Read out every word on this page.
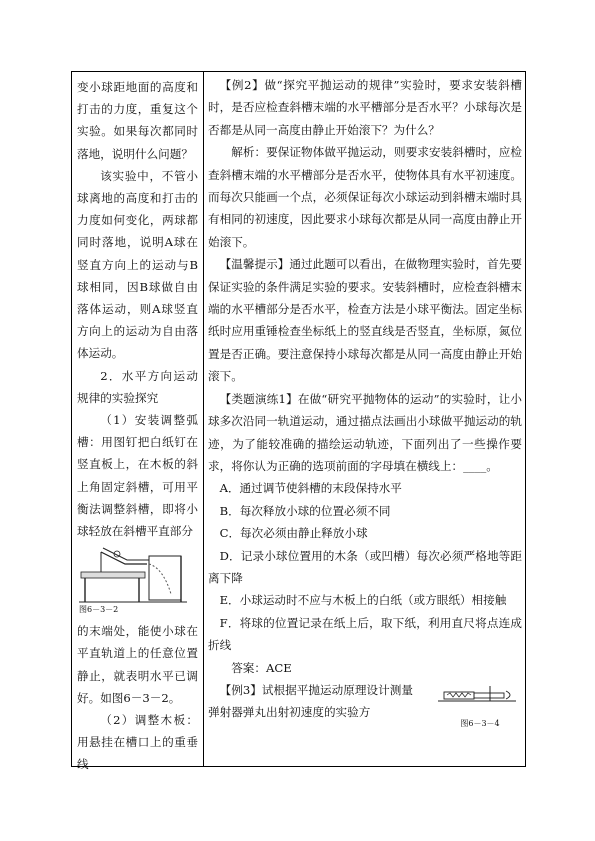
变小球距地面的高度和打击的力度，重复这个实验。如果每次都同时落地，说明什么问题？

该实验中，不管小球离地的高度和打击的力度如何变化，两球都同时落地，说明A球在竖直方向上的运动与B球相同，因B球做自由落体运动，则A球竖直方向上的运动为自由落体运动。

2．水平方向运动规律的实验探究

（1）安装调整弧槽：用图钉把白纸钉在竖直板上，在木板的斜上角固定斜槽，可用平衡法调整斜槽，即将小球轻放在斜槽平直部分

图6－3－2

的末端处，能使小球在平直轨道上的任意位置静止，就表明水平已调好。如图6－3－2。

（2）调整木板：用悬挂在槽口上的重垂线

【例2】做“探究平抛运动的规律”实验时，要求安装斜槽时，是否应检查斜槽末端的水平槽部分是否水平？小球每次是否都是从同一高度由静止开始滚下？为什么？

解析：要保证物体做平抛运动，则要求安装斜槽时，应检查斜槽末端的水平槽部分是否水平，使物体具有水平初速度。而每次只能画一个点，必须保证每次小球运动到斜槽末端时具有相同的初速度，因此要求小球每次都是从同一高度由静止开始滚下。

【温馨提示】通过此题可以看出，在做物理实验时，首先要保证实验的条件满足实验的要求。安装斜槽时，应检查斜槽末端的水平槽部分是否水平，检查方法是小球平衡法。固定坐标纸时应用重锤检查坐标纸上的竖直线是否竖直，坐标原，氮位置是否正确。要注意保持小球每次都是从同一高度由静止开始滚下。

【类题演练1】在做“研究平抛物体的运动”的实验时，让小球多次沿同一轨道运动，通过描点法画出小球做平抛运动的轨迹，为了能较准确的描绘运动轨迹，下面列出了一些操作要求，将你认为正确的选项前面的字母填在横线上：____。

A．通过调节使斜槽的末段保持水平

B．每次释放小球的位置必须不同

C．每次必须由静止释放小球

D．记录小球位置用的木条（或凹槽）每次必须严格地等距离下降

E．小球运动时不应与木板上的白纸（或方眼纸）相接触

F．将球的位置记录在纸上后，取下纸，利用直尺将点连成折线

答案：ACE

【例3】试根据平抛运动原理设计测量弹射器弹丸出射初速度的实验方

图6－3－4
